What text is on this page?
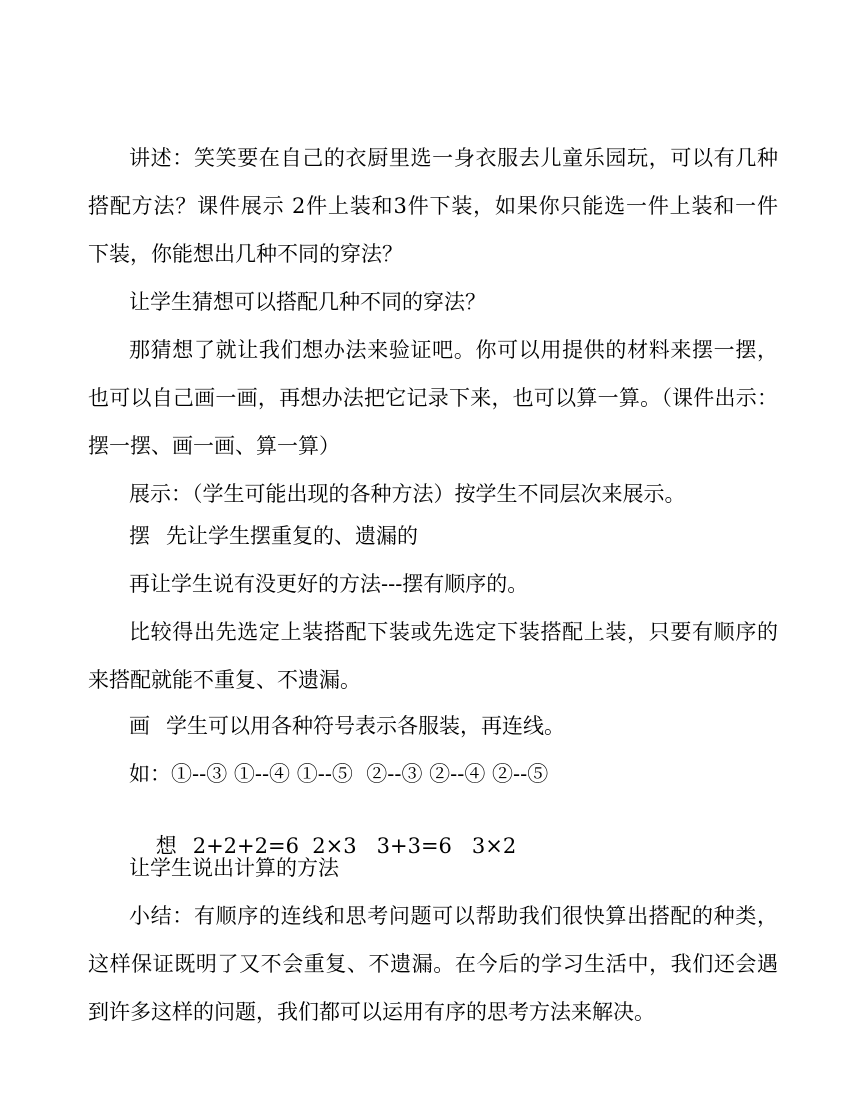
讲述：笑笑要在自己的衣厨里选一身衣服去儿童乐园玩，可以有几种
搭配方法？课件展示 2件上装和3件下装，如果你只能选一件上装和一件
下装，你能想出几种不同的穿法？
让学生猜想可以搭配几种不同的穿法？
那猜想了就让我们想办法来验证吧。你可以用提供的材料来摆一摆，
也可以自己画一画，再想办法把它记录下来，也可以算一算。（课件出示：
摆一摆、画一画、算一算）
展示：（学生可能出现的各种方法）按学生不同层次来展示。
摆 先让学生摆重复的、遗漏的
再让学生说有没更好的方法---摆有顺序的。
比较得出先选定上装搭配下装或先选定下装搭配上装，只要有顺序的
来搭配就能不重复、不遗漏。
画 学生可以用各种符号表示各服装，再连线。
如：①--③ ①--④ ①--⑤  ②--③ ②--④ ②--⑤

想 2+2+2=6  2×3   3+3=6   3×2

让学生说出计算的方法
小结：有顺序的连线和思考问题可以帮助我们很快算出搭配的种类，
这样保证既明了又不会重复、不遗漏。在今后的学习生活中，我们还会遇
到许多这样的问题，我们都可以运用有序的思考方法来解决。
